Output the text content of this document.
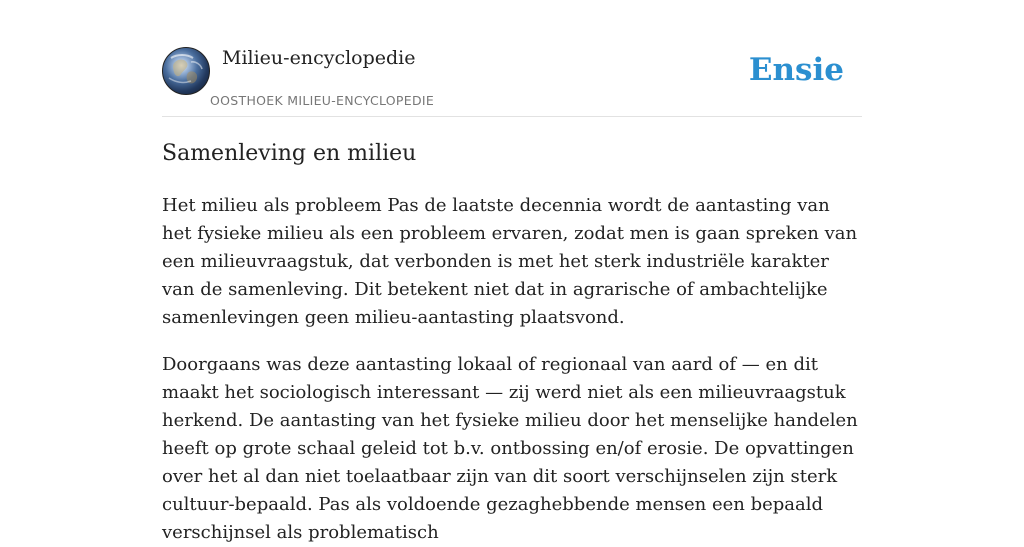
Milieu-encyclopedie
OOSTHOEK MILIEU-ENCYCLOPEDIE
Ensie
Samenleving en milieu

Het milieu als probleem Pas de laatste decennia wordt de aantasting van het fysieke milieu als een probleem ervaren, zodat men is gaan spreken van een milieuvraagstuk, dat verbonden is met het sterk industriële karakter van de samenleving. Dit betekent niet dat in agrarische of ambachtelijke samenlevingen geen milieu-aantasting plaatsvond.

Doorgaans was deze aantasting lokaal of regionaal van aard of — en dit maakt het sociologisch interessant — zij werd niet als een milieuvraagstuk herkend. De aantasting van het fysieke milieu door het menselijke handelen heeft op grote schaal geleid tot b.v. ontbossing en/of erosie. De opvattingen over het al dan niet toelaatbaar zijn van dit soort verschijnselen zijn sterk cultuur-bepaald. Pas als voldoende gezaghebbende mensen een bepaald verschijnsel als problematisch
